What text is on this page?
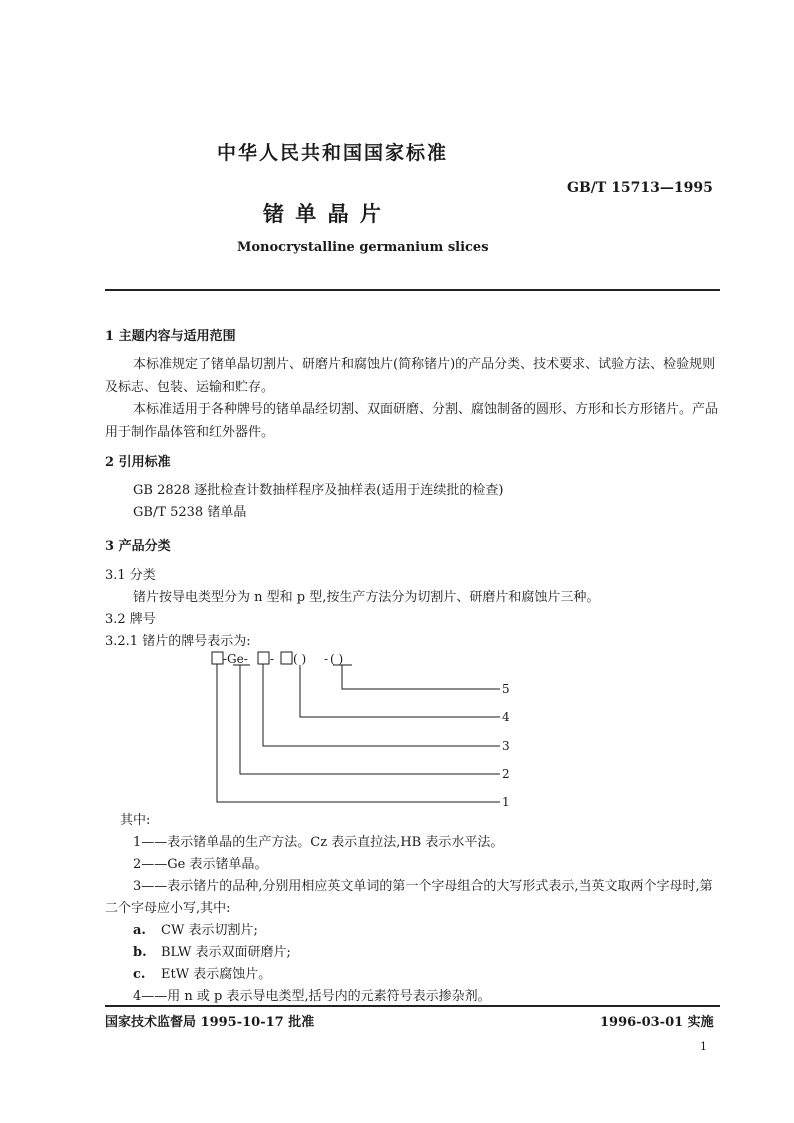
中华人民共和国国家标准
GB/T 15713—1995
锗 单 晶 片
Monocrystalline germanium slices
1 主题内容与适用范围
本标准规定了锗单晶切割片、研磨片和腐蚀片(简称锗片)的产品分类、技术要求、试验方法、检验规则及标志、包装、运输和贮存。
本标准适用于各种牌号的锗单晶经切割、双面研磨、分割、腐蚀制备的圆形、方形和长方形锗片。产品用于制作晶体管和红外器件。
2 引用标准
GB 2828 逐批检查计数抽样程序及抽样表(适用于连续批的检查)
GB/T 5238 锗单晶
3 产品分类
3.1 分类
锗片按导电类型分为 n 型和 p 型,按生产方法分为切割片、研磨片和腐蚀片三种。
3.2 牌号
3.2.1 锗片的牌号表示为:
-Ge- - ( ) - ( )
5
4
3
2
1
其中:
1——表示锗单晶的生产方法。Cz 表示直拉法,HB 表示水平法。
2——Ge 表示锗单晶。
3——表示锗片的品种,分别用相应英文单词的第一个字母组合的大写形式表示,当英文取两个字母时,第二个字母应小写,其中:
a. CW 表示切割片;
b. BLW 表示双面研磨片;
c. EtW 表示腐蚀片。
4——用 n 或 p 表示导电类型,括号内的元素符号表示掺杂剂。
国家技术监督局 1995-10-17 批准	1996-03-01 实施
1
